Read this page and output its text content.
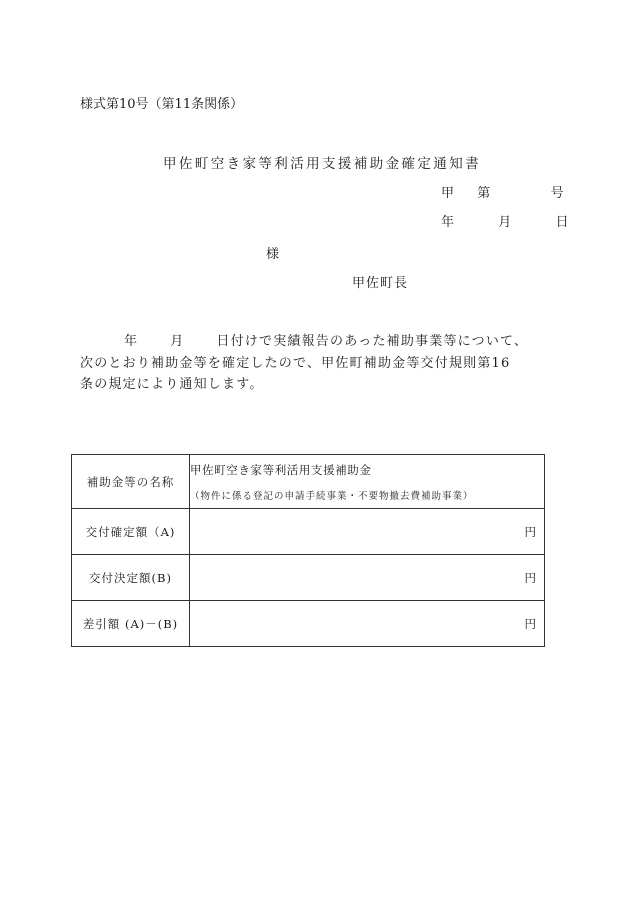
様式第10号（第11条関係）
甲佐町空き家等利活用支援補助金確定通知書
甲 第	号
年	月	日
様
甲佐町長
年 月 日付けで実績報告のあった補助事業等について、
次のとおり補助金等を確定したので、甲佐町補助金等交付規則第16
条の規定により通知します。
補助金等の名称	甲佐町空き家等利活用支援補助金
（物件に係る登記の申請手続事業・不要物撤去費補助事業）

交付確定額（A)	円
交付決定額(B)	円
差引額 (A)－(B)	円
